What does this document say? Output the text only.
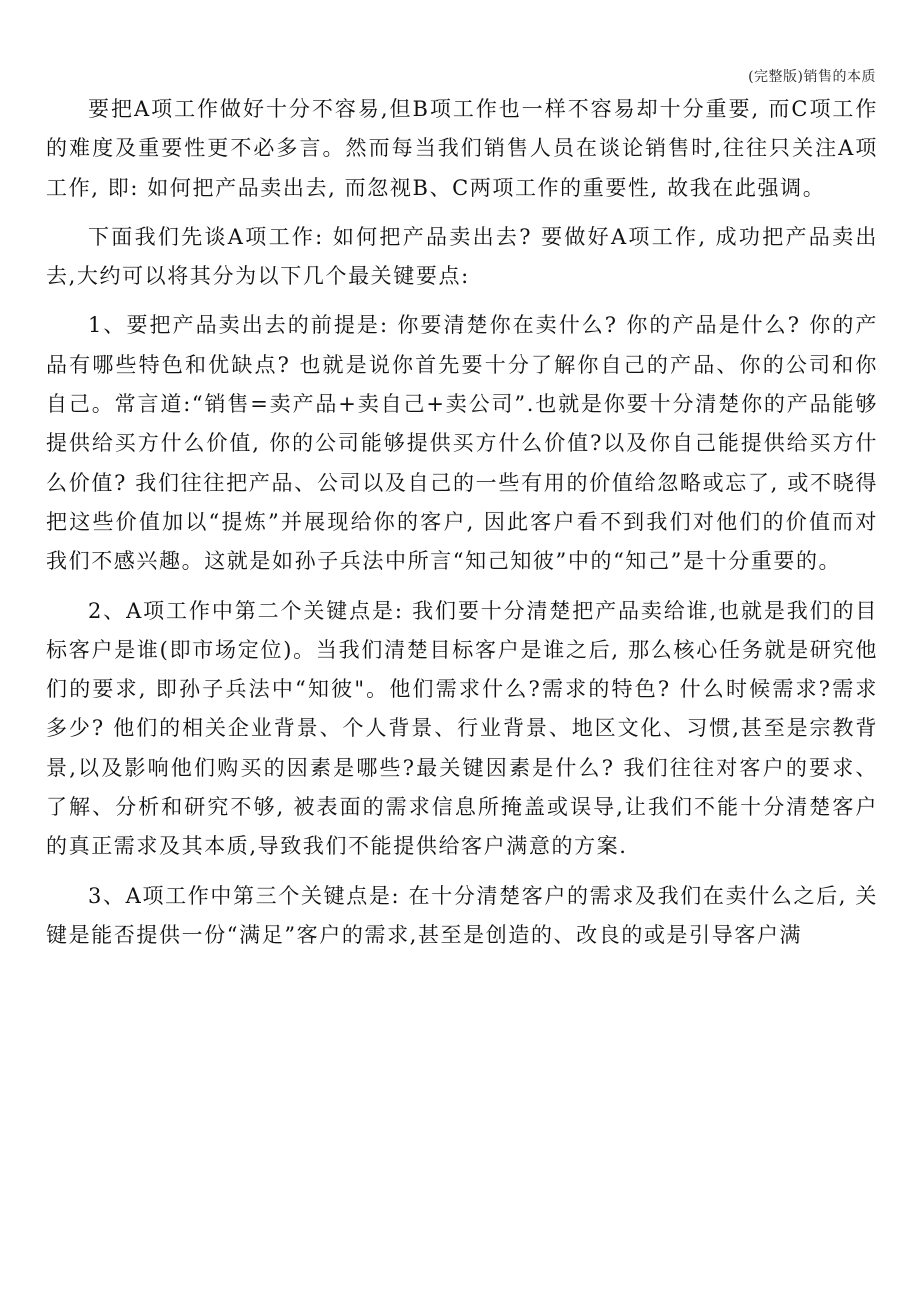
(完整版)销售的本质

要把A项工作做好十分不容易,但B项工作也一样不容易却十分重要, 而C项工作的难度及重要性更不必多言。然而每当我们销售人员在谈论销售时,往往只关注A项工作, 即: 如何把产品卖出去, 而忽视B、C两项工作的重要性, 故我在此强调。

下面我们先谈A项工作: 如何把产品卖出去? 要做好A项工作, 成功把产品卖出去,大约可以将其分为以下几个最关键要点:

1、要把产品卖出去的前提是: 你要清楚你在卖什么? 你的产品是什么? 你的产品有哪些特色和优缺点? 也就是说你首先要十分了解你自己的产品、你的公司和你自己。常言道:“销售=卖产品+卖自己+卖公司”.也就是你要十分清楚你的产品能够提供给买方什么价值, 你的公司能够提供买方什么价值?以及你自己能提供给买方什么价值? 我们往往把产品、公司以及自己的一些有用的价值给忽略或忘了, 或不晓得把这些价值加以“提炼”并展现给你的客户, 因此客户看不到我们对他们的价值而对我们不感兴趣。这就是如孙子兵法中所言“知己知彼”中的“知己”是十分重要的。

2、A项工作中第二个关键点是: 我们要十分清楚把产品卖给谁,也就是我们的目标客户是谁(即市场定位)。当我们清楚目标客户是谁之后, 那么核心任务就是研究他们的要求, 即孙子兵法中“知彼"。他们需求什么?需求的特色? 什么时候需求?需求多少? 他们的相关企业背景、个人背景、行业背景、地区文化、习惯,甚至是宗教背景,以及影响他们购买的因素是哪些?最关键因素是什么? 我们往往对客户的要求、了解、分析和研究不够, 被表面的需求信息所掩盖或误导,让我们不能十分清楚客户的真正需求及其本质,导致我们不能提供给客户满意的方案.

3、A项工作中第三个关键点是: 在十分清楚客户的需求及我们在卖什么之后, 关键是能否提供一份“满足”客户的需求,甚至是创造的、改良的或是引导客户满
